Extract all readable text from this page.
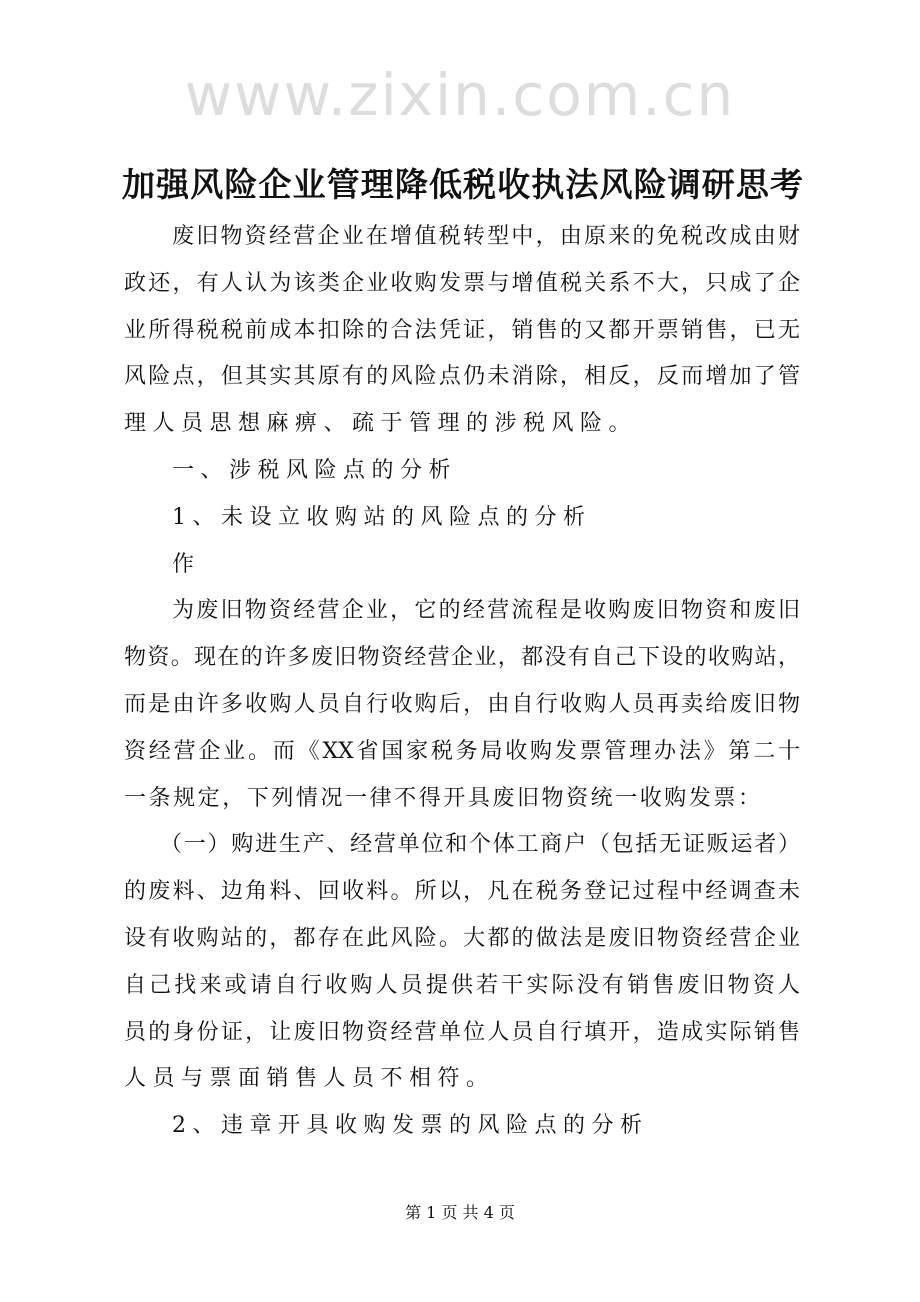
www.zixin.com.cn
加强风险企业管理降低税收执法风险调研思考
废旧物资经营企业在增值税转型中，由原来的免税改成由财
政还，有人认为该类企业收购发票与增值税关系不大，只成了企
业所得税税前成本扣除的合法凭证，销售的又都开票销售，已无
风险点，但其实其原有的风险点仍未消除，相反，反而增加了管
理人员思想麻痹、疏于管理的涉税风险。
一、涉税风险点的分析
1、未设立收购站的风险点的分析
作
为废旧物资经营企业，它的经营流程是收购废旧物资和废旧
物资。现在的许多废旧物资经营企业，都没有自己下设的收购站，
而是由许多收购人员自行收购后，由自行收购人员再卖给废旧物
资经营企业。而《XX省国家税务局收购发票管理办法》第二十
一条规定，下列情况一律不得开具废旧物资统一收购发票：
（一）购进生产、经营单位和个体工商户（包括无证贩运者）
的废料、边角料、回收料。所以，凡在税务登记过程中经调查未
设有收购站的，都存在此风险。大都的做法是废旧物资经营企业
自己找来或请自行收购人员提供若干实际没有销售废旧物资人
员的身份证，让废旧物资经营单位人员自行填开，造成实际销售
人员与票面销售人员不相符。
2、违章开具收购发票的风险点的分析
第 1 页 共 4 页
